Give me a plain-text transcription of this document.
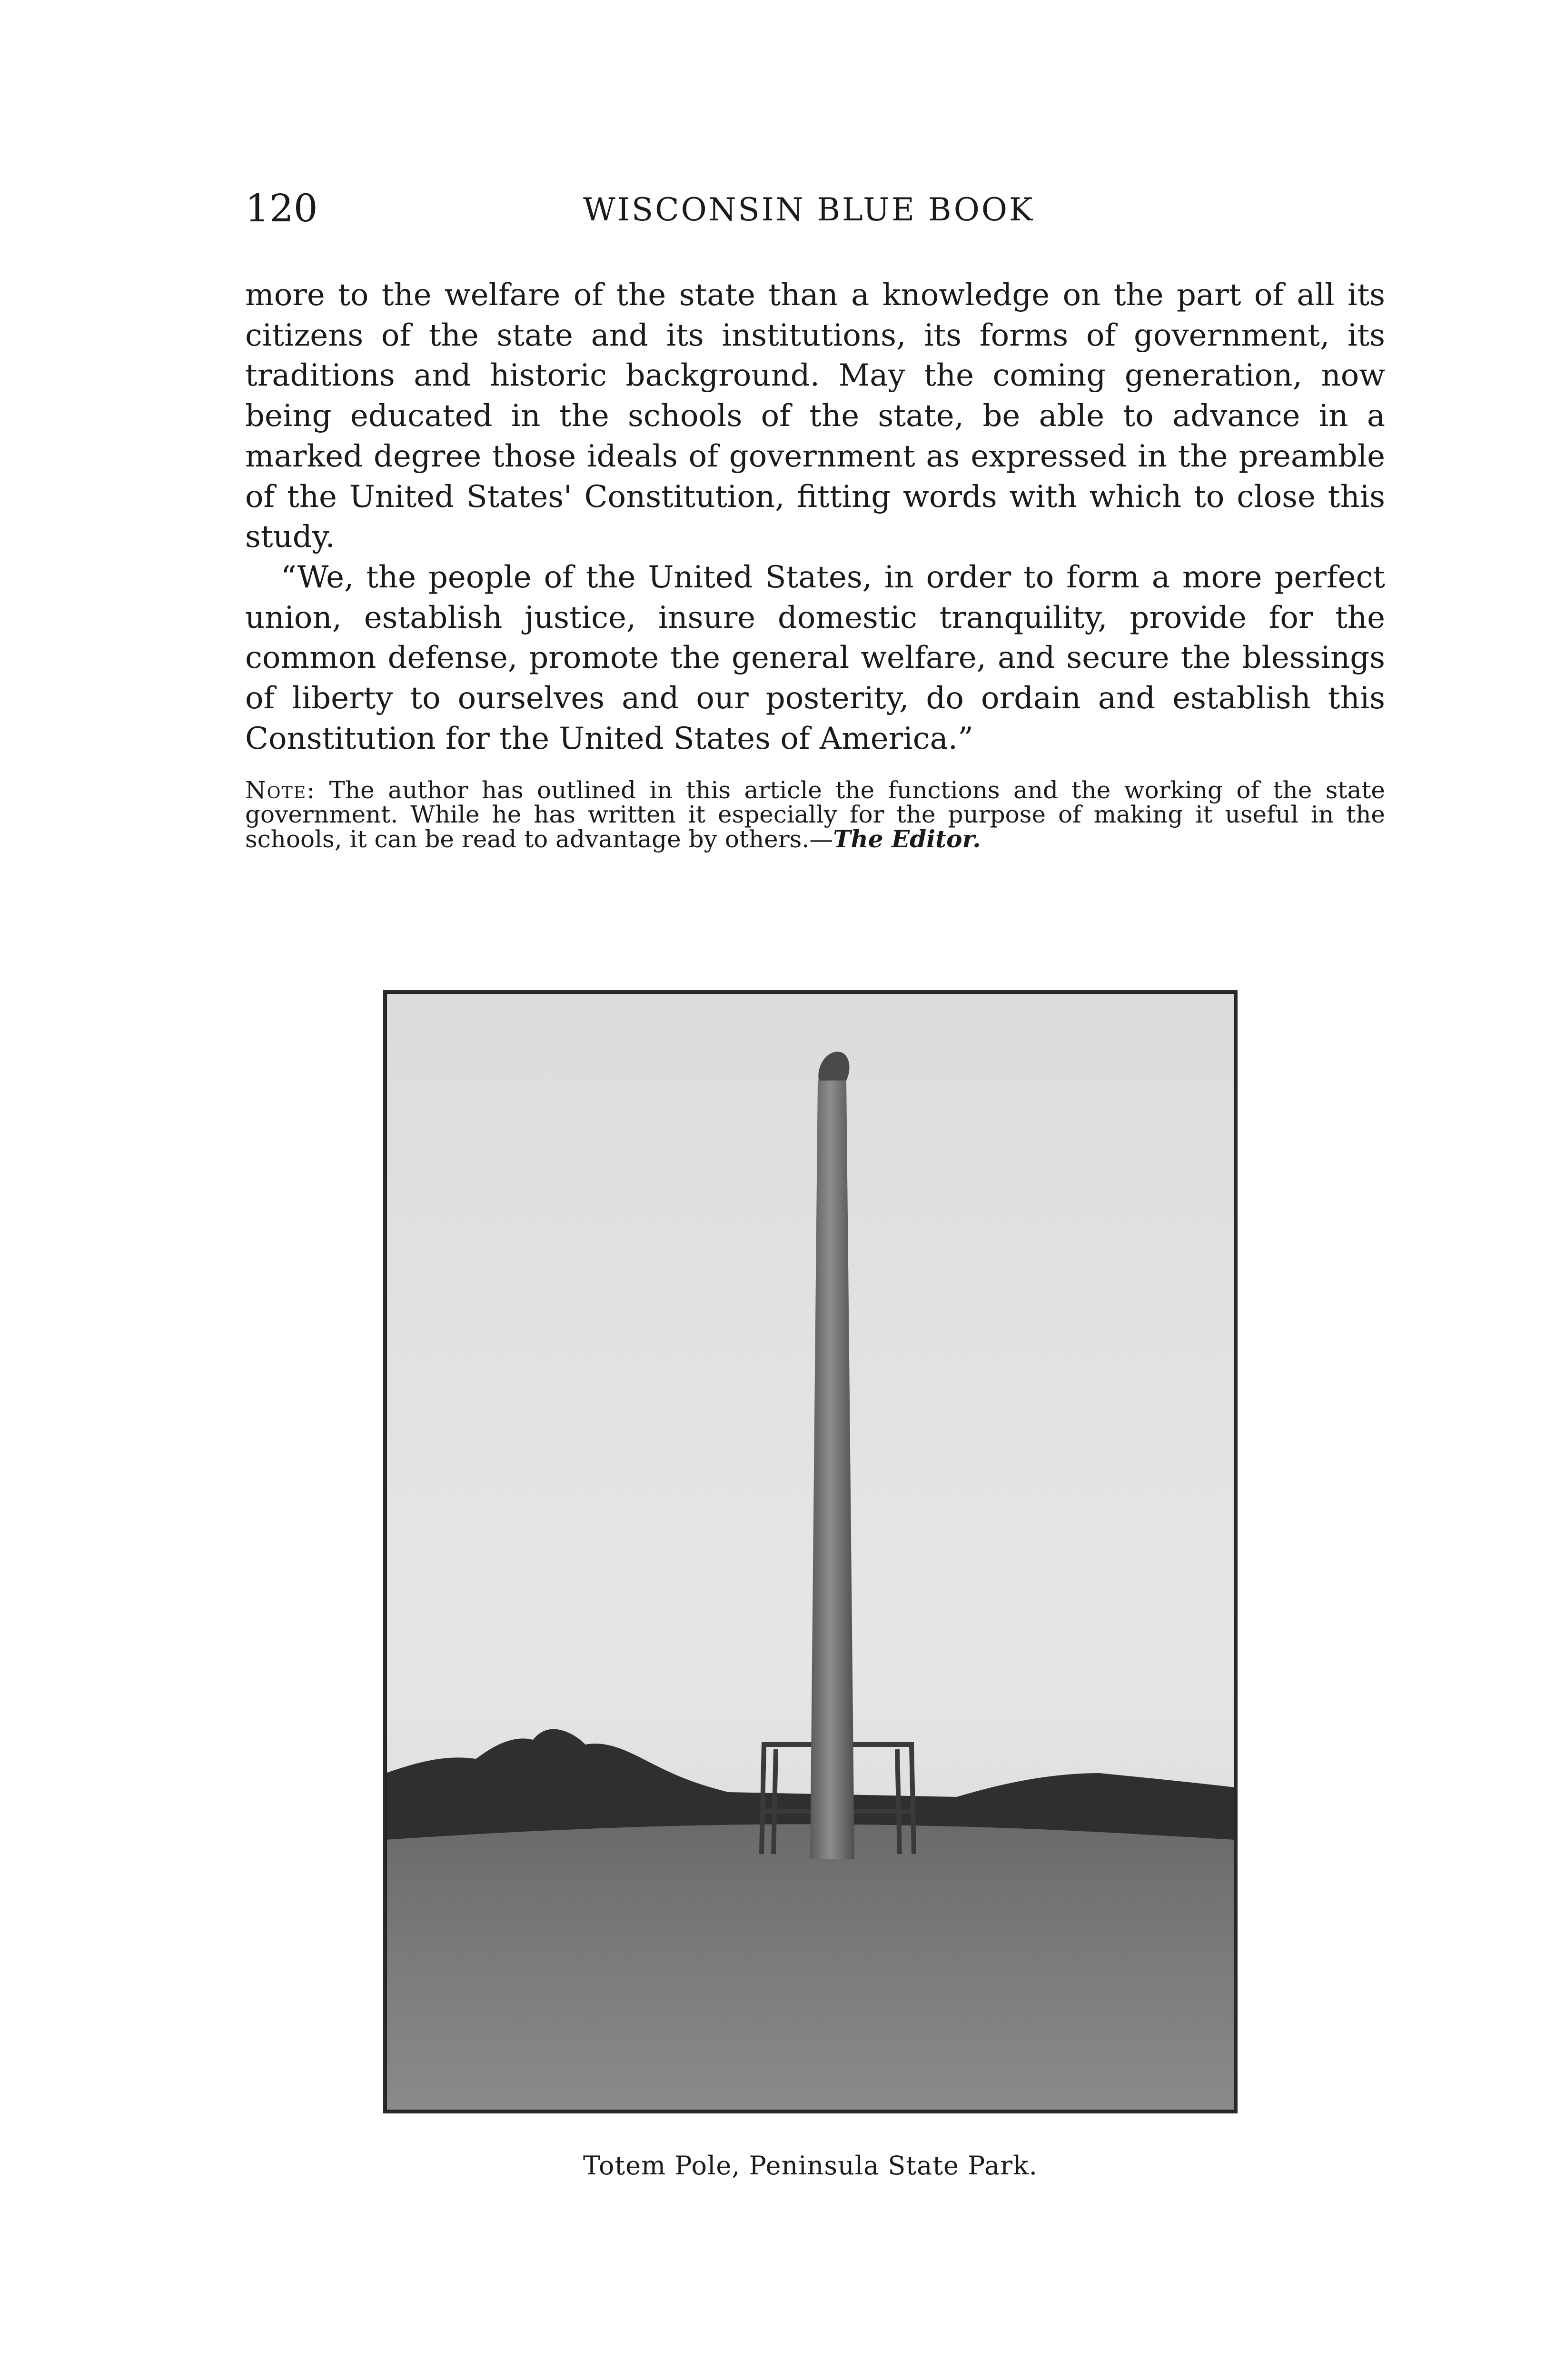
120	WISCONSIN BLUE BOOK

more to the welfare of the state than a knowledge on the part of all its citizens of the state and its institutions, its forms of government, its traditions and historic background. May the coming generation, now being educated in the schools of the state, be able to advance in a marked degree those ideals of government as expressed in the preamble of the United States' Constitution, fitting words with which to close this study.

“We, the people of the United States, in order to form a more perfect union, establish justice, insure domestic tranquility, provide for the common defense, promote the general welfare, and secure the blessings of liberty to ourselves and our posterity, do ordain and establish this Constitution for the United States of America.”

Note: The author has outlined in this article the functions and the working of the state government. While he has written it especially for the purpose of making it useful in the schools, it can be read to advantage by others.—The Editor.

Totem Pole, Peninsula State Park.
